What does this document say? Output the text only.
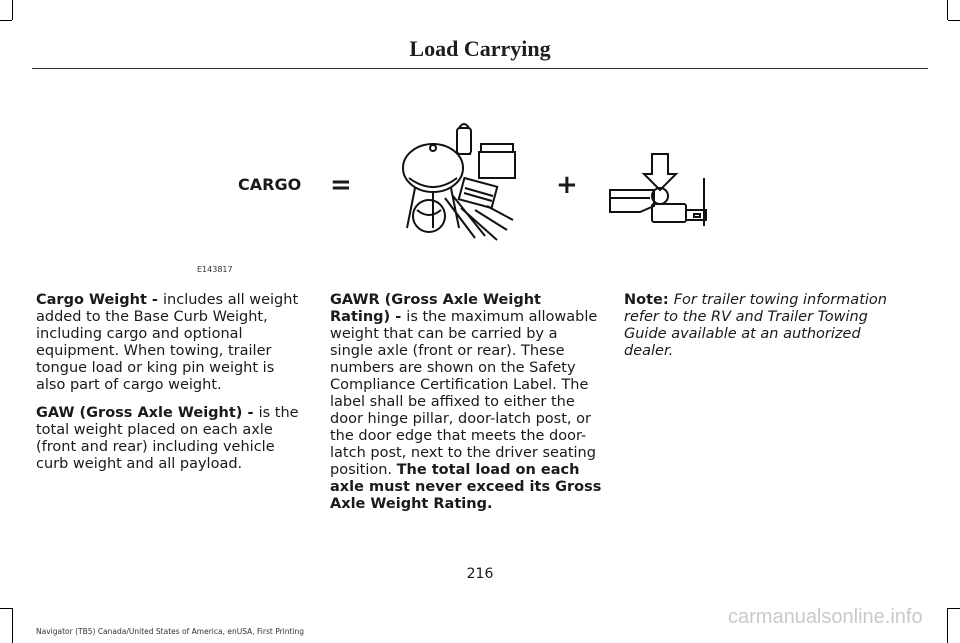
Load Carrying
CARGO =	+
E143817

Cargo Weight - includes all weight added to the Base Curb Weight, including cargo and optional equipment. When towing, trailer tongue load or king pin weight is also part of cargo weight.

GAW (Gross Axle Weight) - is the total weight placed on each axle (front and rear) including vehicle curb weight and all payload.

GAWR (Gross Axle Weight Rating) - is the maximum allowable weight that can be carried by a single axle (front or rear). These numbers are shown on the Safety Compliance Certification Label. The label shall be affixed to either the door hinge pillar, door-latch post, or the door edge that meets the door-latch post, next to the driver seating position. The total load on each axle must never exceed its Gross Axle Weight Rating.

Note: For trailer towing information refer to the RV and Trailer Towing Guide available at an authorized dealer.

216
Navigator (TB5) Canada/United States of America, enUSA, First Printing
carmanualsonline.info
